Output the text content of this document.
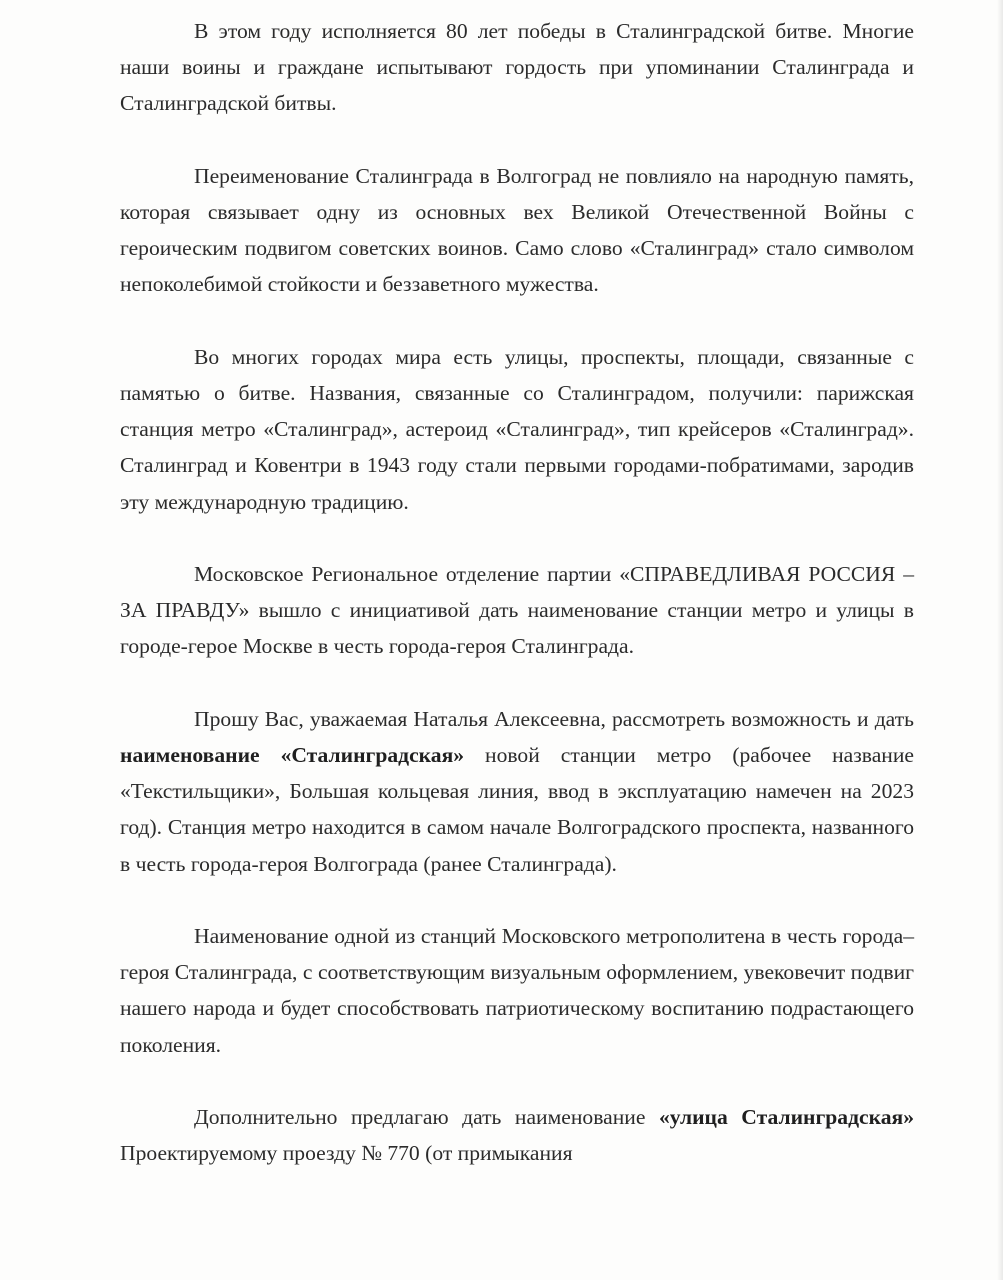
В этом году исполняется 80 лет победы в Сталинградской битве. Многие наши воины и граждане испытывают гордость при упоминании Сталинграда и Сталинградской битвы.

Переименование Сталинграда в Волгоград не повлияло на народную память, которая связывает одну из основных вех Великой Отечественной Войны с героическим подвигом советских воинов. Само слово «Сталинград» стало символом непоколебимой стойкости и беззаветного мужества.

Во многих городах мира есть улицы, проспекты, площади, связанные с памятью о битве. Названия, связанные со Сталинградом, получили: парижская станция метро «Сталинград», астероид «Сталинград», тип крейсеров «Сталинград». Сталинград и Ковентри в 1943 году стали первыми городами-побратимами, зародив эту международную традицию.

Московское Региональное отделение партии «СПРАВЕДЛИВАЯ РОССИЯ – ЗА ПРАВДУ» вышло с инициативой дать наименование станции метро и улицы в городе-герое Москве в честь города-героя Сталинграда.

Прошу Вас, уважаемая Наталья Алексеевна, рассмотреть возможность и дать наименование «Сталинградская» новой станции метро (рабочее название «Текстильщики», Большая кольцевая линия, ввод в эксплуатацию намечен на 2023 год). Станция метро находится в самом начале Волгоградского проспекта, названного в честь города-героя Волгограда (ранее Сталинграда).

Наименование одной из станций Московского метрополитена в честь города–героя Сталинграда, с соответствующим визуальным оформлением, увековечит подвиг нашего народа и будет способствовать патриотическому воспитанию подрастающего поколения.

Дополнительно предлагаю дать наименование «улица Сталинградская» Проектируемому проезду № 770 (от примыкания
